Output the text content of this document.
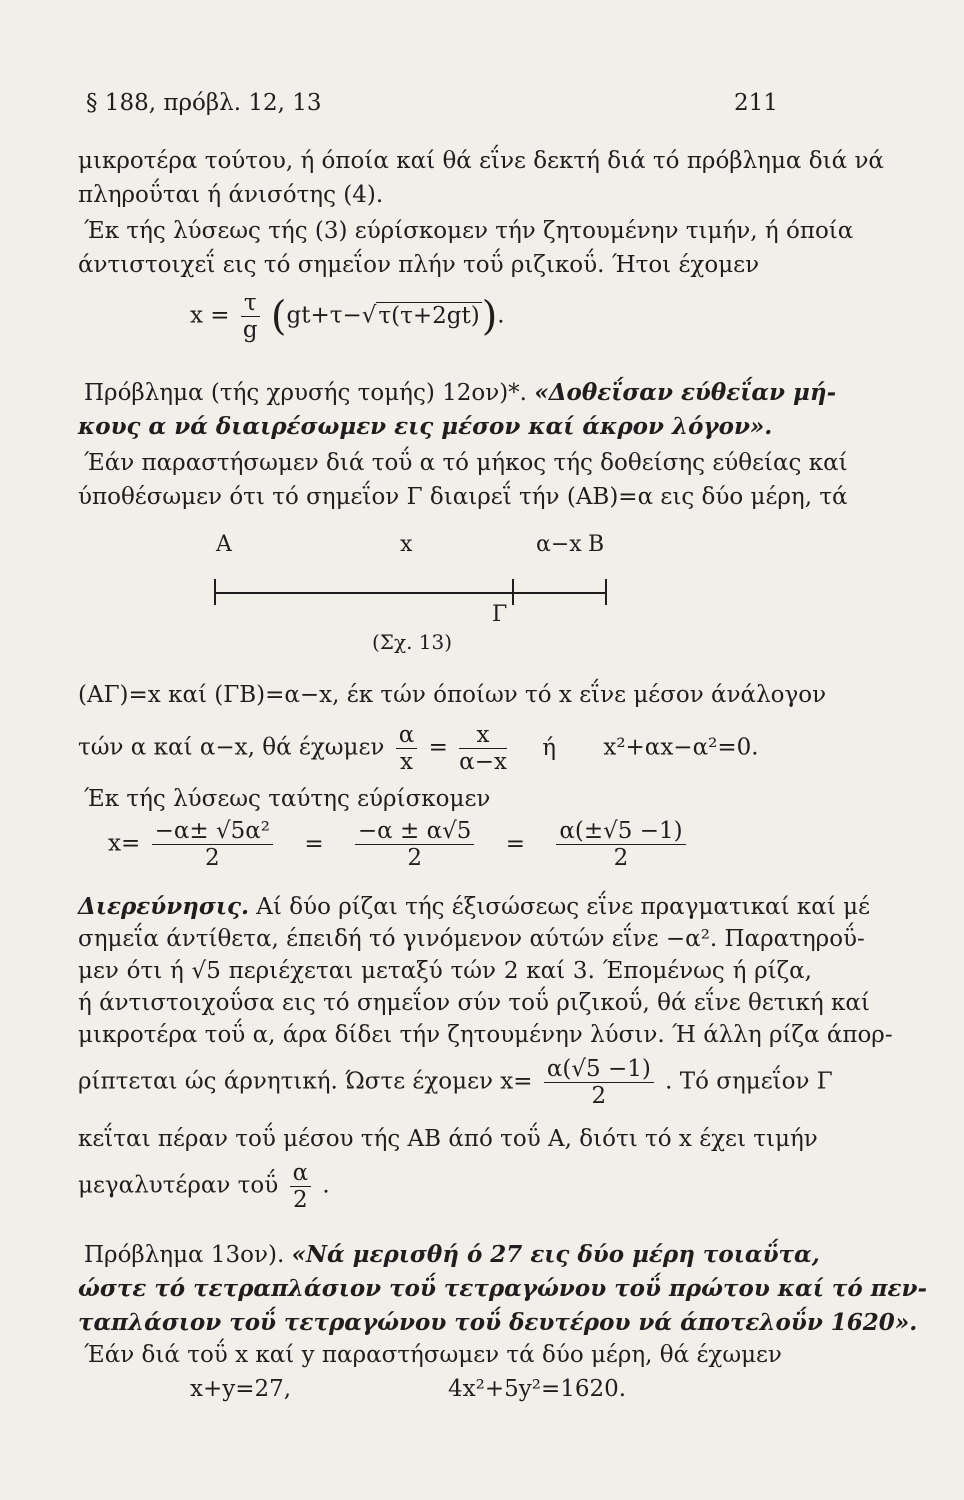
§ 188, πρόβλ. 12, 13	211
μικροτέρα τούτου, ή όποία καί θά εΐνε δεκτή διά τό πρόβλημα διά νά
πληροΰται ή άνισότης (4).
Έκ τής λύσεως τής (3) εύρίσκομεν τήν ζητουμένην τιμήν, ή όποία
άντιστοιχεΐ εις τό σημεΐον πλήν τοΰ ριζικοΰ. Ήτοι έχομεν
$x = \frac{\tau}{g} (gt+\tau-√\tau(\tau+2gt))$.
Πρόβλημα (τής χρυσής τομής) 12ον)*. «Δοθεΐσαν εύθεΐαν μή-
κους α νά διαιρέσωμεν εις μέσον καί άκρον λόγον».
Έάν παραστήσωμεν διά τοΰ α τό μήκος τής δοθείσης εύθείας καί
ύποθέσωμεν ότι τό σημεΐον Γ διαιρεΐ τήν (ΑΒ)=α εις δύο μέρη, τά
Α	x	α−x Β
Γ
(Σχ. 13)
(ΑΓ)=x καί (ΓΒ)=α−x, έκ τών όποίων τό x εΐνε μέσον άνάλογον
τών α καί α−x, θά έχωμεν $\frac{\alpha}{x} = \frac{x}{\alpha-x}$ ή x²+αx−α²=0.
Έκ τής λύσεως ταύτης εύρίσκομεν
$x= \frac{\text{−α± √5α²}}{2} = \frac{-\alpha \pm \alpha√5}{2} = \frac{\alpha(\pm√5 -1)}{2}$
Διερεύνησις. Αί δύο ρίζαι τής έξισώσεως εΐνε πραγματικαί καί μέ
σημεΐα άντίθετα, έπειδή τό γινόμενον αύτών εΐνε −α². Παρατηροΰ-
μεν ότι ή √5 περιέχεται μεταξύ τών 2 καί 3. Έπομένως ή ρίζα,
ή άντιστοιχοΰσα εις τό σημεΐον σύν τοΰ ριζικοΰ, θά εΐνε θετική καί
μικροτέρα τοΰ α, άρα δίδει τήν ζητουμένην λύσιν. Ή άλλη ρίζα άπορ-
ρίπτεται ώς άρνητική. Ώστε έχομεν $x= \frac{\alpha(√5 -1)}{2}$ . Τό σημεΐον Γ
κεΐται πέραν τοΰ μέσου τής ΑΒ άπό τοΰ Α, διότι τό x έχει τιμήν
μεγαλυτέραν τοΰ $\frac{\alpha}{2}$ .
Πρόβλημα 13ον). «Νά μερισθή ό 27 εις δύο μέρη τοιαΰτα,
ώστε τό τετραπλάσιον τοΰ τετραγώνου τοΰ πρώτου καί τό πεν-
ταπλάσιον τοΰ τετραγώνου τοΰ δευτέρου νά άποτελοΰν 1620».
Έάν διά τοΰ x καί y παραστήσωμεν τά δύο μέρη, θά έχωμεν
x+y=27,	4x²+5y²=1620.
